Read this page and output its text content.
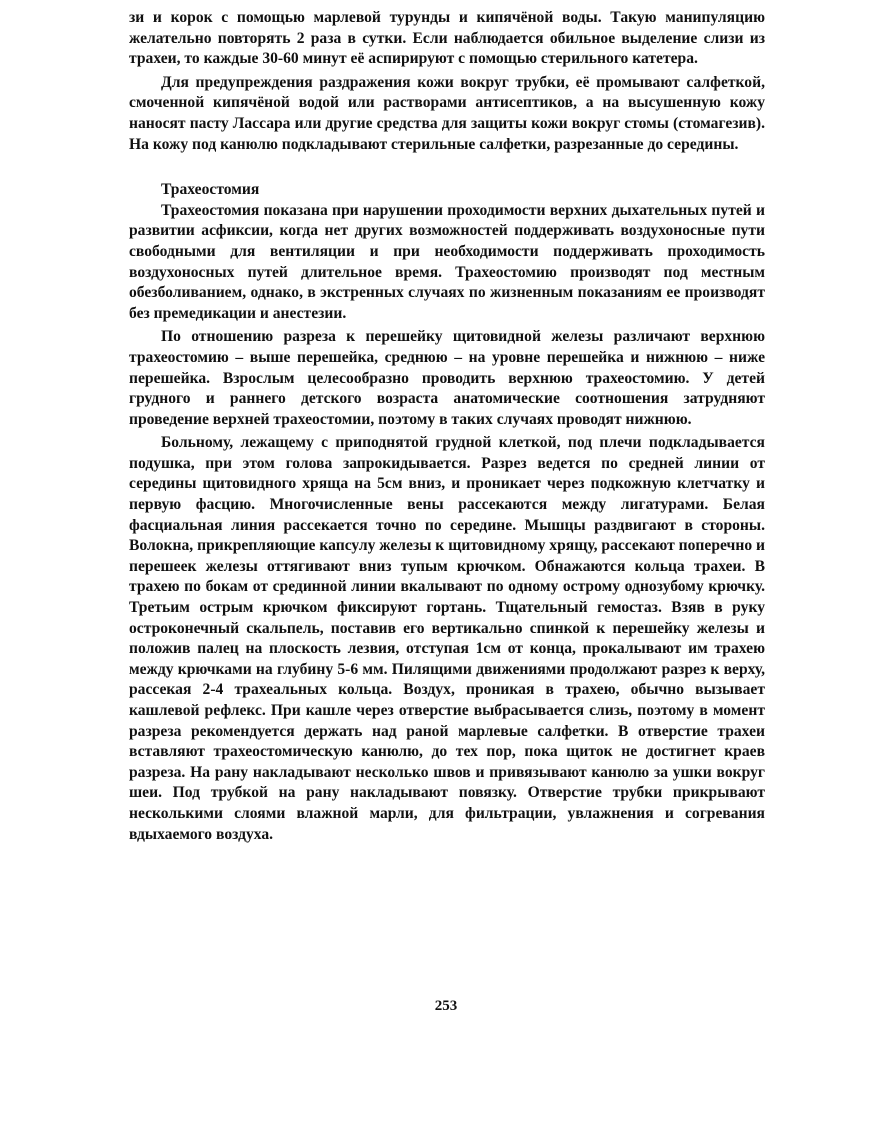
зи и корок с помощью марлевой турунды и кипячёной воды. Такую манипуляцию желательно повторять 2 раза в сутки. Если наблюдается обильное выделение слизи из трахеи, то каждые 30-60 минут её аспирируют с помощью стерильного катетера.

Для предупреждения раздражения кожи вокруг трубки, её промывают салфеткой, смоченной кипячёной водой или растворами антисептиков, а на высушенную кожу наносят пасту Лассара или другие средства для защиты кожи вокруг стомы (стомагезив). На кожу под канюлю подкладывают стерильные салфетки, разрезанные до середины.

Трахеостомия

Трахеостомия показана при нарушении проходимости верхних дыхательных путей и развитии асфиксии, когда нет других возможностей поддерживать воздухоносные пути свободными для вентиляции и при необходимости поддерживать проходимость воздухоносных путей длительное время. Трахеостомию производят под местным обезболиванием, однако, в экстренных случаях по жизненным показаниям ее производят без премедикации и анестезии.

По отношению разреза к перешейку щитовидной железы различают верхнюю трахеостомию – выше перешейка, среднюю – на уровне перешейка и нижнюю – ниже перешейка. Взрослым целесообразно проводить верхнюю трахеостомию. У детей грудного и раннего детского возраста анатомические соотношения затрудняют проведение верхней трахеостомии, поэтому в таких случаях проводят нижнюю.

Больному, лежащему с приподнятой грудной клеткой, под плечи подкладывается подушка, при этом голова запрокидывается. Разрез ведется по средней линии от середины щитовидного хряща на 5см вниз, и проникает через подкожную клетчатку и первую фасцию. Многочисленные вены рассекаются между лигатурами. Белая фасциальная линия рассекается точно по середине. Мышцы раздвигают в стороны. Волокна, прикрепляющие капсулу железы к щитовидному хрящу, рассекают поперечно и перешеек железы оттягивают вниз тупым крючком. Обнажаются кольца трахеи. В трахею по бокам от срединной линии вкалывают по одному острому однозубому крючку. Третьим острым крючком фиксируют гортань. Тщательный гемостаз. Взяв в руку остроконечный скальпель, поставив его вертикально спинкой к перешейку железы и положив палец на плоскость лезвия, отступая 1см от конца, прокалывают им трахею между крючками на глубину 5-6 мм. Пилящими движениями продолжают разрез к верху, рассекая 2-4 трахеальных кольца. Воздух, проникая в трахею, обычно вызывает кашлевой рефлекс. При кашле через отверстие выбрасывается слизь, поэтому в момент разреза рекомендуется держать над раной марлевые салфетки. В отверстие трахеи вставляют трахеостомическую канюлю, до тех пор, пока щиток не достигнет краев разреза. На рану накладывают несколько швов и привязывают канюлю за ушки вокруг шеи. Под трубкой на рану накладывают повязку. Отверстие трубки прикрывают несколькими слоями влажной марли, для фильтрации, увлажнения и согревания вдыхаемого воздуха.

253
